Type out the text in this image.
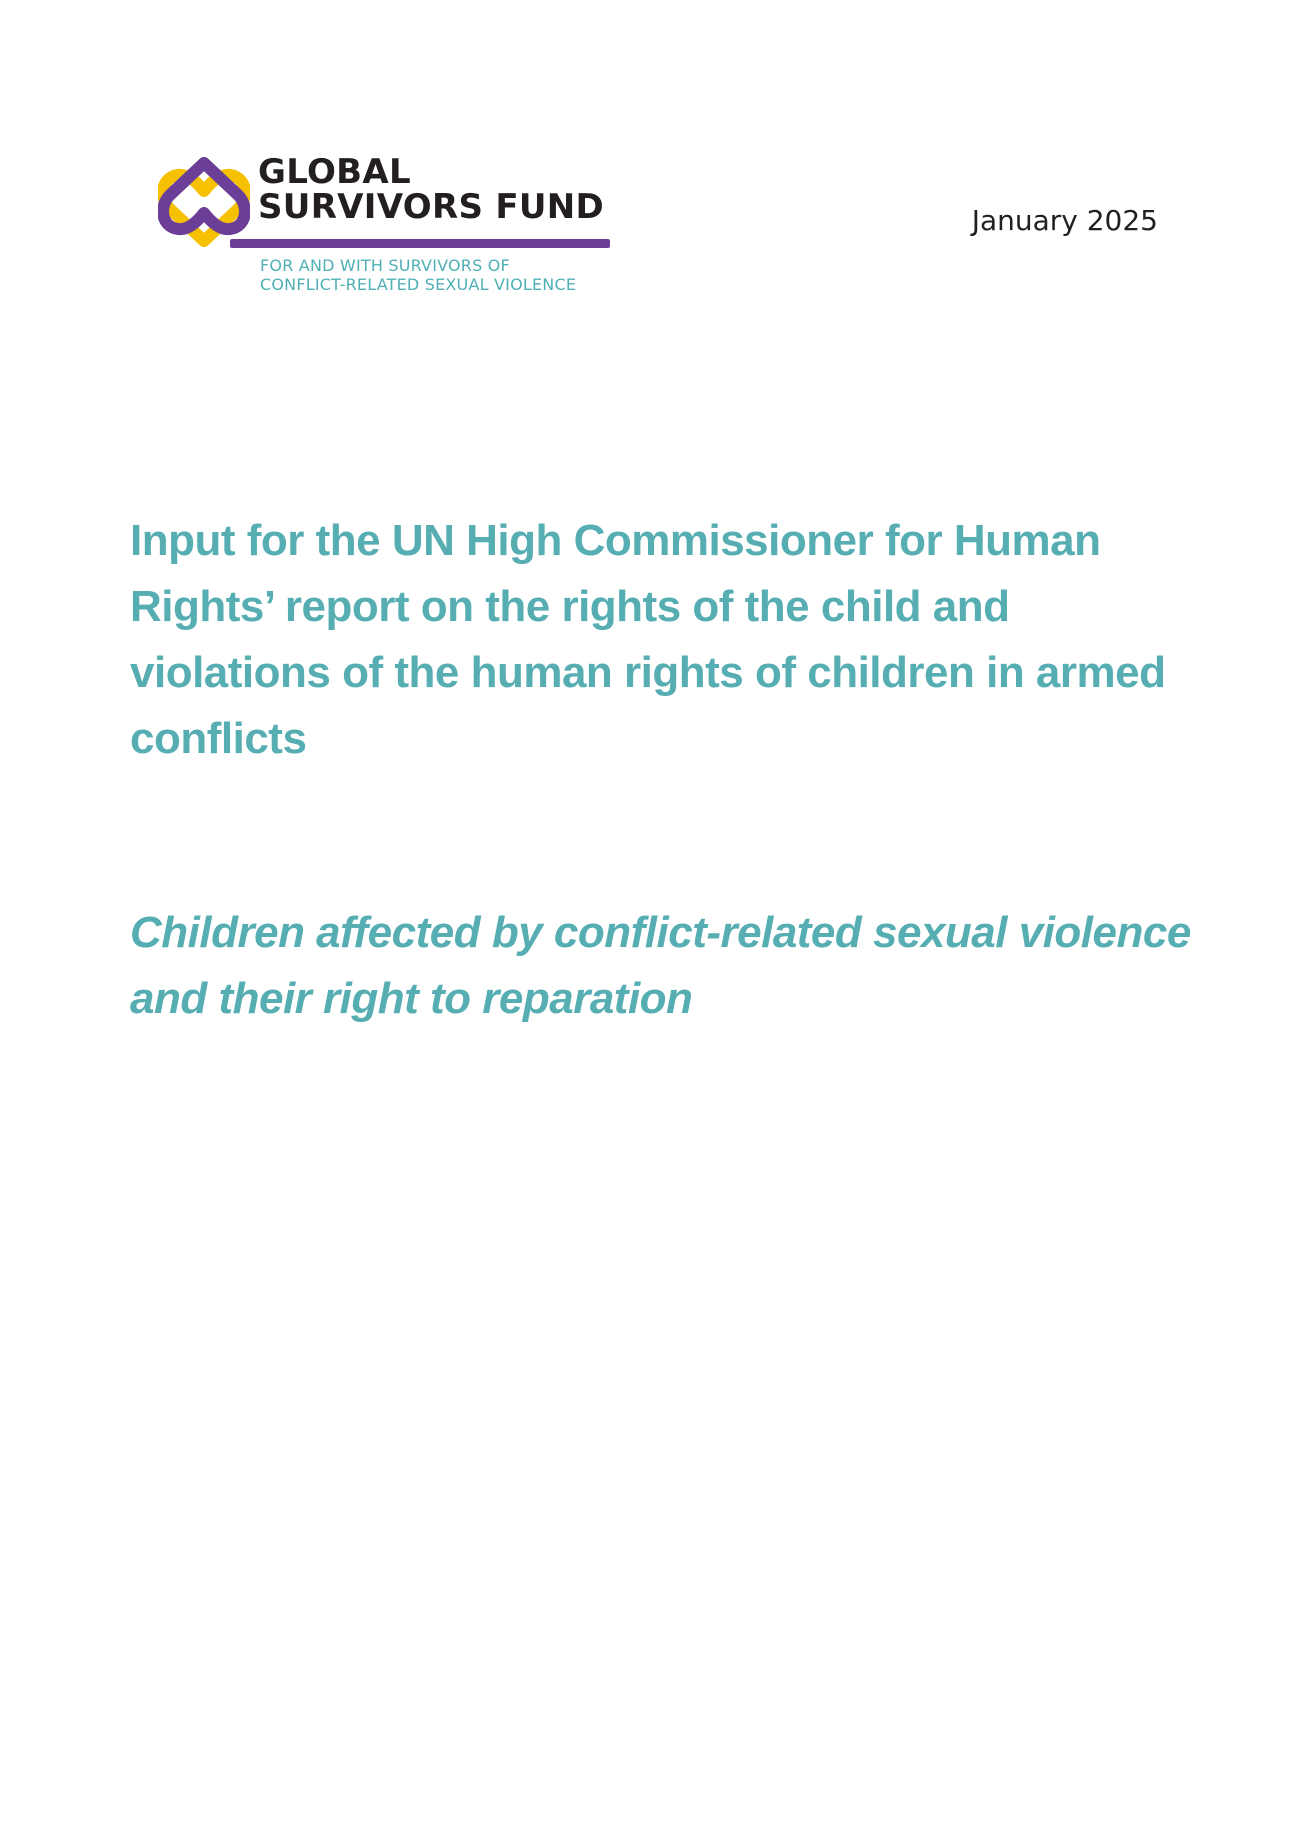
GLOBAL
SURVIVORS FUND
FOR AND WITH SURVIVORS OF
CONFLICT-RELATED SEXUAL VIOLENCE
January 2025
Input for the UN High Commissioner for Human Rights’ report on the rights of the child and violations of the human rights of children in armed conflicts
Children affected by conflict-related sexual violence and their right to reparation
